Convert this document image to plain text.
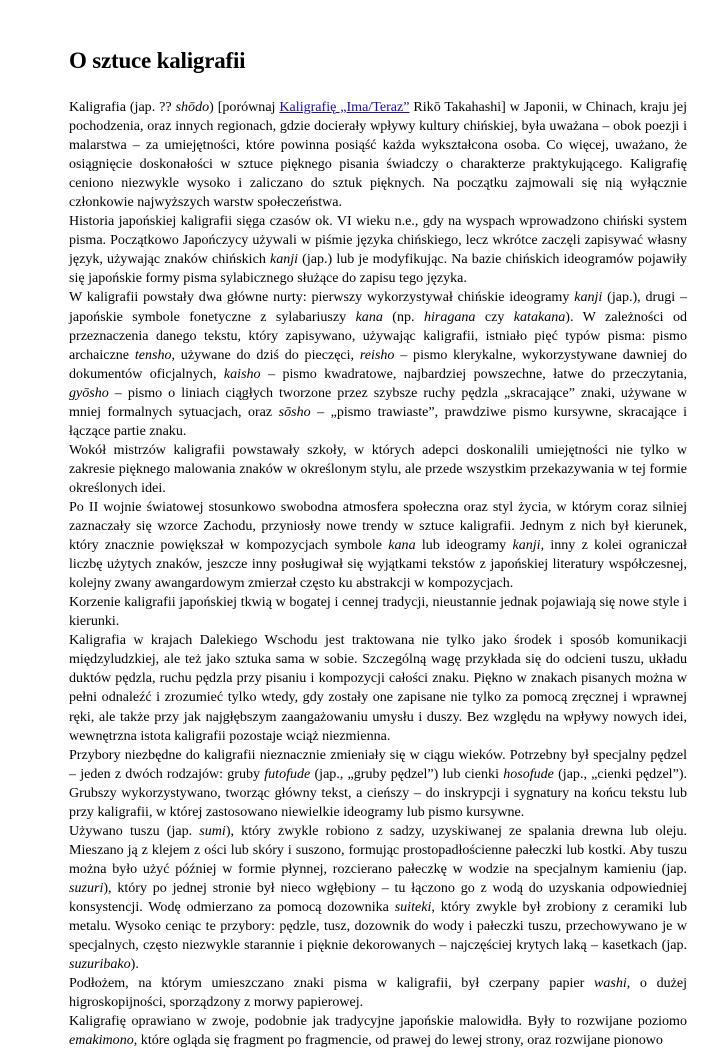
O sztuce kaligrafii

Kaligrafia (jap. ?? shōdo) [porównaj Kaligrafię „Ima/Teraz” Rikō Takahashi] w Japonii, w Chinach, kraju jej pochodzenia, oraz innych regionach, gdzie docierały wpływy kultury chińskiej, była uważana – obok poezji i malarstwa – za umiejętności, które powinna posiąść każda wykształcona osoba. Co więcej, uważano, że osiągnięcie doskonałości w sztuce pięknego pisania świadczy o charakterze praktykującego. Kaligrafię ceniono niezwykle wysoko i zaliczano do sztuk pięknych. Na początku zajmowali się nią wyłącznie członkowie najwyższych warstw społeczeństwa.

Historia japońskiej kaligrafii sięga czasów ok. VI wieku n.e., gdy na wyspach wprowadzono chiński system pisma. Początkowo Japończycy używali w piśmie języka chińskiego, lecz wkrótce zaczęli zapisywać własny język, używając znaków chińskich kanji (jap.) lub je modyfikując. Na bazie chińskich ideogramów pojawiły się japońskie formy pisma sylabicznego służące do zapisu tego języka.

W kaligrafii powstały dwa główne nurty: pierwszy wykorzystywał chińskie ideogramy kanji (jap.), drugi – japońskie symbole fonetyczne z sylabariuszy kana (np. hiragana czy katakana). W zależności od przeznaczenia danego tekstu, który zapisywano, używając kaligrafii, istniało pięć typów pisma: pismo archaiczne tensho, używane do dziś do pieczęci, reisho – pismo klerykalne, wykorzystywane dawniej do dokumentów oficjalnych, kaisho – pismo kwadratowe, najbardziej powszechne, łatwe do przeczytania, gyōsho – pismo o liniach ciągłych tworzone przez szybsze ruchy pędzla „skracające” znaki, używane w mniej formalnych sytuacjach, oraz sōsho – „pismo trawiaste”, prawdziwe pismo kursywne, skracające i łączące partie znaku.

Wokół mistrzów kaligrafii powstawały szkoły, w których adepci doskonalili umiejętności nie tylko w zakresie pięknego malowania znaków w określonym stylu, ale przede wszystkim przekazywania w tej formie określonych idei.

Po II wojnie światowej stosunkowo swobodna atmosfera społeczna oraz styl życia, w którym coraz silniej zaznaczały się wzorce Zachodu, przyniosły nowe trendy w sztuce kaligrafii. Jednym z nich był kierunek, który znacznie powiększał w kompozycjach symbole kana lub ideogramy kanji, inny z kolei ograniczał liczbę użytych znaków, jeszcze inny posługiwał się wyjątkami tekstów z japońskiej literatury współczesnej, kolejny zwany awangardowym zmierzał często ku abstrakcji w kompozycjach.

Korzenie kaligrafii japońskiej tkwią w bogatej i cennej tradycji, nieustannie jednak pojawiają się nowe style i kierunki.

Kaligrafia w krajach Dalekiego Wschodu jest traktowana nie tylko jako środek i sposób komunikacji międzyludzkiej, ale też jako sztuka sama w sobie. Szczególną wagę przykłada się do odcieni tuszu, układu duktów pędzla, ruchu pędzla przy pisaniu i kompozycji całości znaku. Piękno w znakach pisanych można w pełni odnaleźć i zrozumieć tylko wtedy, gdy zostały one zapisane nie tylko za pomocą zręcznej i wprawnej ręki, ale także przy jak najgłębszym zaangażowaniu umysłu i duszy. Bez względu na wpływy nowych idei, wewnętrzna istota kaligrafii pozostaje wciąż niezmienna.

Przybory niezbędne do kaligrafii nieznacznie zmieniały się w ciągu wieków. Potrzebny był specjalny pędzel – jeden z dwóch rodzajów: gruby futofude (jap., „gruby pędzel”) lub cienki hosofude (jap., „cienki pędzel”). Grubszy wykorzystywano, tworząc główny tekst, a cieńszy – do inskrypcji i sygnatury na końcu tekstu lub przy kaligrafii, w której zastosowano niewielkie ideogramy lub pismo kursywne.

Używano tuszu (jap. sumi), który zwykle robiono z sadzy, uzyskiwanej ze spalania drewna lub oleju. Mieszano ją z klejem z ości lub skóry i suszono, formując prostopadłościenne pałeczki lub kostki. Aby tuszu można było użyć później w formie płynnej, rozcierano pałeczkę w wodzie na specjalnym kamieniu (jap. suzuri), który po jednej stronie był nieco wgłębiony – tu łączono go z wodą do uzyskania odpowiedniej konsystencji. Wodę odmierzano za pomocą dozownika suiteki, który zwykle był zrobiony z ceramiki lub metalu. Wysoko ceniąc te przybory: pędzle, tusz, dozownik do wody i pałeczki tuszu, przechowywano je w specjalnych, często niezwykle starannie i pięknie dekorowanych – najczęściej krytych laką – kasetkach (jap. suzuribako).

Podłożem, na którym umieszczano znaki pisma w kaligrafii, był czerpany papier washi, o dużej higroskopijności, sporządzony z morwy papierowej.

Kaligrafię oprawiano w zwoje, podobnie jak tradycyjne japońskie malowidła. Były to rozwijane poziomo emakimono, które ogląda się fragment po fragmencie, od prawej do lewej strony, oraz rozwijane pionowo
